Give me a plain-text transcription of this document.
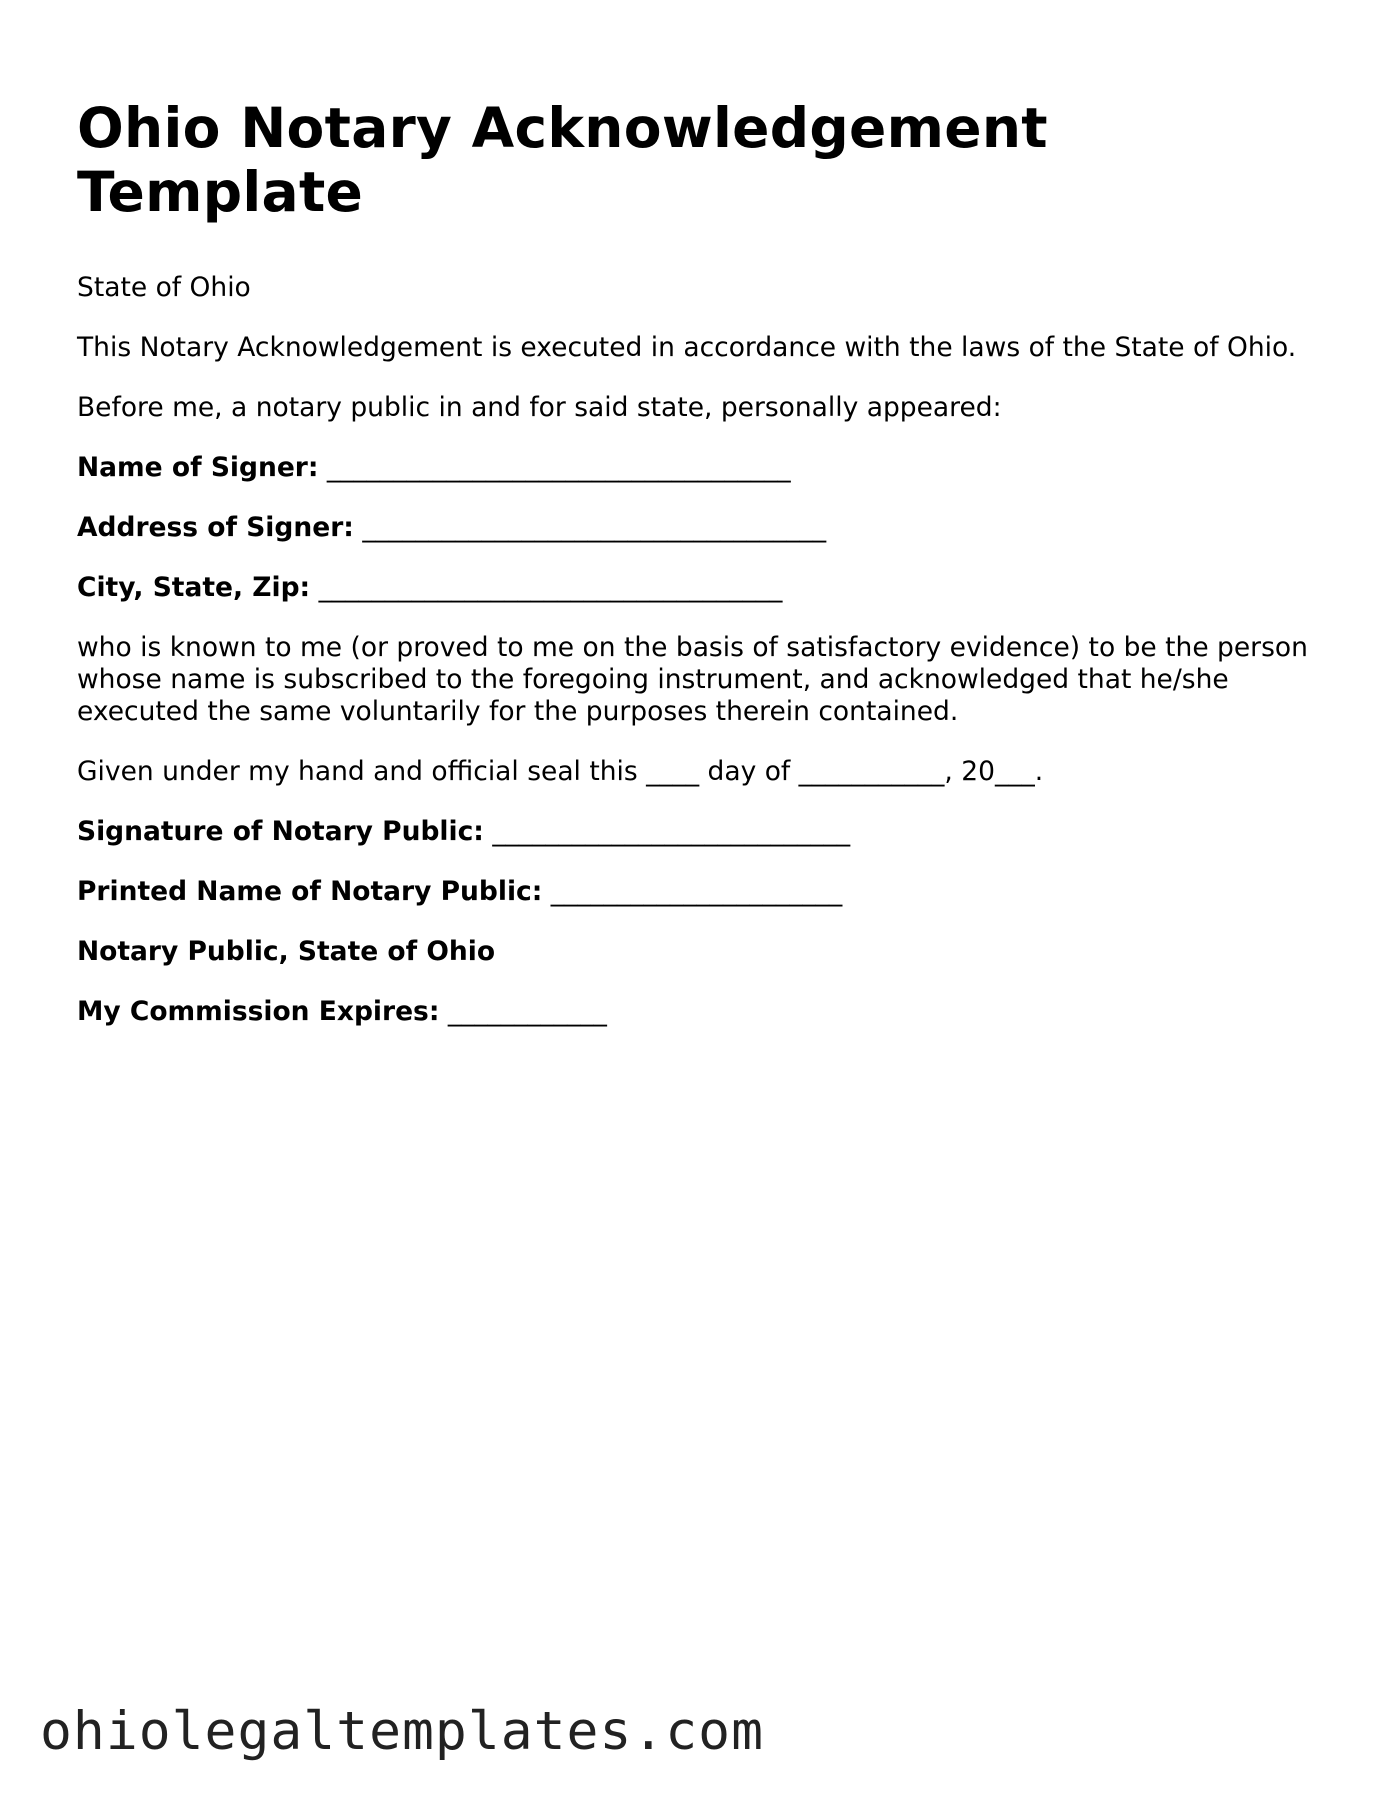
Ohio Notary Acknowledgement
Template

State of Ohio

This Notary Acknowledgement is executed in accordance with the laws of the State of Ohio.

Before me, a notary public in and for said state, personally appeared:

Name of Signer: ___________________________________

Address of Signer: ___________________________________

City, State, Zip: ___________________________________

who is known to me (or proved to me on the basis of satisfactory evidence) to be the person whose name is subscribed to the foregoing instrument, and acknowledged that he/she executed the same voluntarily for the purposes therein contained.

Given under my hand and official seal this ____ day of ___________, 20___.

Signature of Notary Public: ___________________________

Printed Name of Notary Public: ______________________

Notary Public, State of Ohio

My Commission Expires: ____________

ohiolegaltemplates.com
